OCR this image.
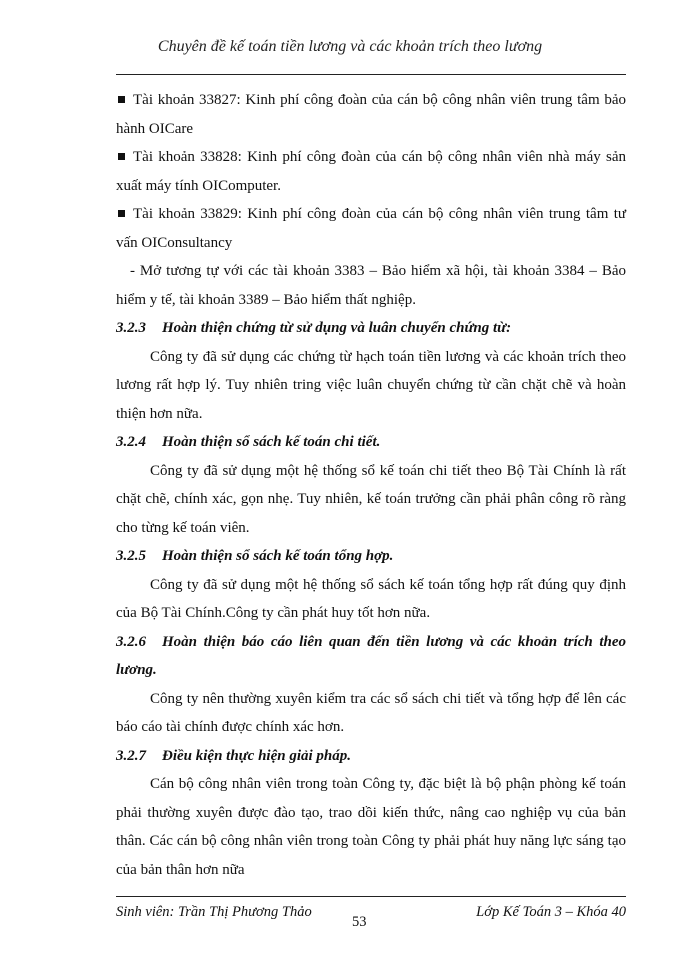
Chuyên đề kế toán tiền lương và các khoản trích theo lương

Tài khoản 33827: Kinh phí công đoàn của cán bộ công nhân viên trung tâm bảo hành OICare

Tài khoản 33828: Kinh phí công đoàn của cán bộ công nhân viên nhà máy sản xuất máy tính OIComputer.

Tài khoản 33829: Kinh phí công đoàn của cán bộ công nhân viên trung tâm tư vấn OIConsultancy

- Mở tương tự với các tài khoản 3383 – Bảo hiểm xã hội, tài khoản 3384 – Bảo hiểm y tế, tài khoản 3389 – Bảo hiểm thất nghiệp.

3.2.3 Hoàn thiện chứng từ sử dụng và luân chuyển chứng từ:

Công ty đã sử dụng các chứng từ hạch toán tiền lương và các khoản trích theo lương rất hợp lý. Tuy nhiên tring việc luân chuyển chứng từ cần chặt chẽ và hoàn thiện hơn nữa.

3.2.4 Hoàn thiện sổ sách kế toán chi tiết.

Công ty đã sử dụng một hệ thống sổ kế toán chi tiết theo Bộ Tài Chính là rất chặt chẽ, chính xác, gọn nhẹ. Tuy nhiên, kế toán trưởng cần phải phân công rõ ràng cho từng kế toán viên.

3.2.5 Hoàn thiện sổ sách kế toán tổng hợp.

Công ty đã sử dụng một hệ thống sổ sách kế toán tổng hợp rất đúng quy định của Bộ Tài Chính.Công ty cần phát huy tốt hơn nữa.

3.2.6 Hoàn thiện báo cáo liên quan đến tiền lương và các khoản trích theo lương.

Công ty nên thường xuyên kiểm tra các sổ sách chi tiết và tổng hợp để lên các báo cáo tài chính được chính xác hơn.

3.2.7 Điều kiện thực hiện giải pháp.

Cán bộ công nhân viên trong toàn Công ty, đặc biệt là bộ phận phòng kế toán phải thường xuyên được đào tạo, trao dồi kiến thức, nâng cao nghiệp vụ của bản thân. Các cán bộ công nhân viên trong toàn Công ty phải phát huy năng lực sáng tạo của bản thân hơn nữa

Sinh viên: Trần Thị Phương Thảo
53
Lớp Kế Toán 3 – Khóa 40
